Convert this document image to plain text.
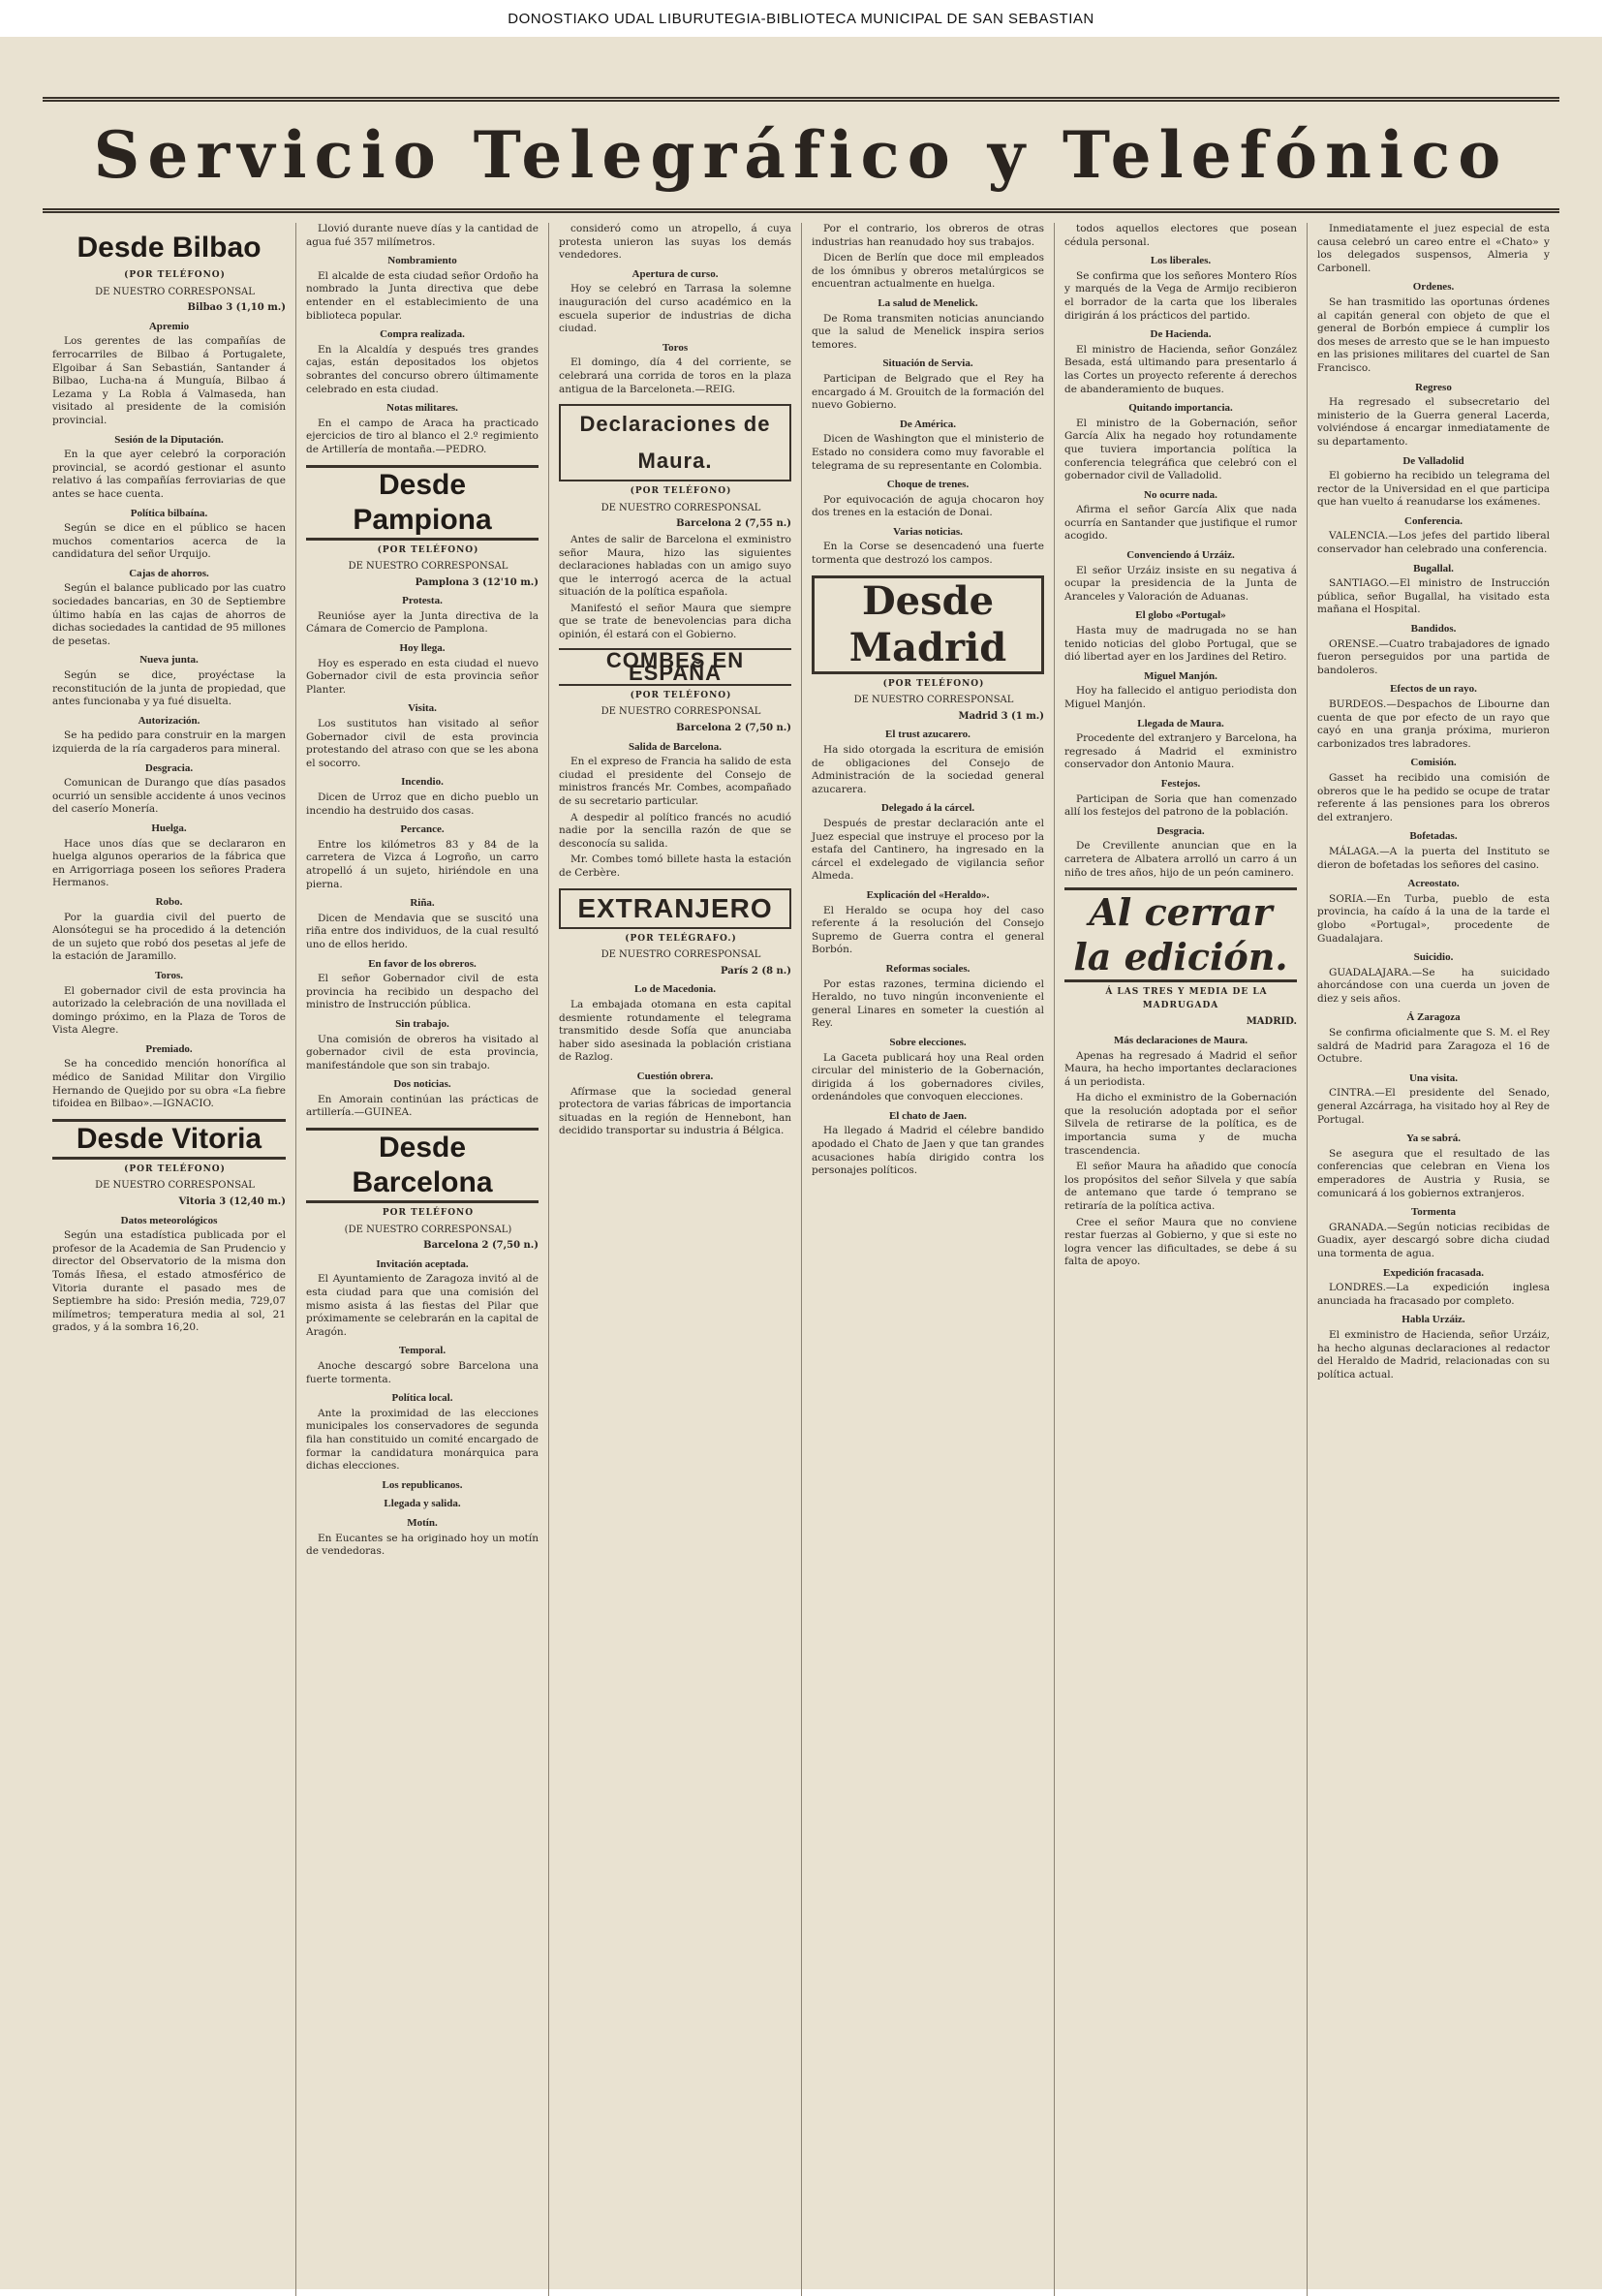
DONOSTIAKO UDAL LIBURUTEGIA-BIBLIOTECA MUNICIPAL DE SAN SEBASTIAN
Servicio Telegráfico y Telefónico
Desde Bilbao

(POR TELÉFONO)

DE NUESTRO CORRESPONSAL

Bilbao 3 (1,10 m.)

Apremio

Los gerentes de las compañías de ferrocarriles de Bilbao á Portugalete, Elgoibar á San Sebastián, Santander á Bilbao, Lucha-na á Munguía, Bilbao á Lezama y La Robla á Valmaseda, han visitado al presidente de la comisión provincial.

Sesión de la Diputación.

En la que ayer celebró la corporación provincial, se acordó gestionar el asunto relativo á las compañías ferroviarias de que antes se hace cuenta.

Política bilbaína.

Según se dice en el público se hacen muchos comentarios acerca de la candidatura del señor Urquijo.

Cajas de ahorros.

Según el balance publicado por las cuatro sociedades bancarias, en 30 de Septiembre último había en las cajas de ahorros de dichas sociedades la cantidad de 95 millones de pesetas.

Nueva junta.

Según se dice, proyéctase la reconstitución de la junta de propiedad, que antes funcionaba y ya fué disuelta.

Autorización.

Se ha pedido para construir en la margen izquierda de la ría cargaderos para mineral.

Desgracia.

Comunican de Durango que días pasados ocurrió un sensible accidente á unos vecinos del caserío Monería.

Huelga.

Hace unos días que se declararon en huelga algunos operarios de la fábrica que en Arrigorriaga poseen los señores Pradera Hermanos.

Robo.

Por la guardia civil del puerto de Alonsótegui se ha procedido á la detención de un sujeto que robó dos pesetas al jefe de la estación de Jaramillo.

Toros.

El gobernador civil de esta provincia ha autorizado la celebración de una novillada el domingo próximo, en la Plaza de Toros de Vista Alegre.

Premiado.

Se ha concedido mención honorífica al médico de Sanidad Militar don Virgilio Hernando de Quejido por su obra «La fiebre tifoidea en Bilbao».—IGNACIO.

Desde Vitoria

(POR TELÉFONO)

DE NUESTRO CORRESPONSAL

Vitoria 3 (12,40 m.)

Datos meteorológicos

Según una estadística publicada por el profesor de la Academia de San Prudencio y director del Observatorio de la misma don Tomás Iñesa, el estado atmosférico de Vitoria durante el pasado mes de Septiembre ha sido: Presión media, 729,07 milímetros; temperatura media al sol, 21 grados, y á la sombra 16,20.

Llovió durante nueve días y la cantidad de agua fué 357 milímetros.

Nombramiento

El alcalde de esta ciudad señor Ordoño ha nombrado la Junta directiva que debe entender en el establecimiento de una biblioteca popular.

Compra realizada.

En la Alcaldía y después tres grandes cajas, están depositados los objetos sobrantes del concurso obrero últimamente celebrado en esta ciudad.

Notas militares.

En el campo de Araca ha practicado ejercicios de tiro al blanco el 2.º regimiento de Artillería de montaña.—PEDRO.

Desde Pampiona

(POR TELÉFONO)

DE NUESTRO CORRESPONSAL

Pamplona 3 (12'10 m.)

Protesta.

Reunióse ayer la Junta directiva de la Cámara de Comercio de Pamplona.

Hoy llega.

Hoy es esperado en esta ciudad el nuevo Gobernador civil de esta provincia señor Planter.

Visita.

Los sustitutos han visitado al señor Gobernador civil de esta provincia protestando del atraso con que se les abona el socorro.

Incendio.

Dicen de Urroz que en dicho pueblo un incendio ha destruido dos casas.

Percance.

Entre los kilómetros 83 y 84 de la carretera de Vizca á Logroño, un carro atropelló á un sujeto, hiriéndole en una pierna.

Riña.

Dicen de Mendavia que se suscitó una riña entre dos individuos, de la cual resultó uno de ellos herido.

En favor de los obreros.

El señor Gobernador civil de esta provincia ha recibido un despacho del ministro de Instrucción pública.

Sin trabajo.

Una comisión de obreros ha visitado al gobernador civil de esta provincia, manifestándole que son sin trabajo.

Dos noticias.

En Amorain continúan las prácticas de artillería.—GUINEA.

Desde Barcelona

POR TELÉFONO

(DE NUESTRO CORRESPONSAL)

Barcelona 2 (7,50 n.)

Invitación aceptada.

El Ayuntamiento de Zaragoza invitó al de esta ciudad para que una comisión del mismo asista á las fiestas del Pilar que próximamente se celebrarán en la capital de Aragón.

Temporal.

Anoche descargó sobre Barcelona una fuerte tormenta.

Política local.

Ante la proximidad de las elecciones municipales los conservadores de segunda fila han constituido un comité encargado de formar la candidatura monárquica para dichas elecciones.

Los republicanos.
Llegada y salida.
Motín.

En Eucantes se ha originado hoy un motín de vendedoras.

consideró como un atropello, á cuya protesta unieron las suyas los demás vendedores.

Apertura de curso.

Hoy se celebró en Tarrasa la solemne inauguración del curso académico en la escuela superior de industrias de dicha ciudad.

Toros

El domingo, día 4 del corriente, se celebrará una corrida de toros en la plaza antigua de la Barceloneta.—REIG.

Declaraciones de Maura.

(POR TELÉFONO)

DE NUESTRO CORRESPONSAL

Barcelona 2 (7,55 n.)

Antes de salir de Barcelona el exministro señor Maura, hizo las siguientes declaraciones habladas con un amigo suyo que le interrogó acerca de la actual situación de la política española.

Manifestó el señor Maura que siempre que se trate de benevolencias para dicha opinión, él estará con el Gobierno.

COMBES EN ESPAÑA

(POR TELÉFONO)

DE NUESTRO CORRESPONSAL

Barcelona 2 (7,50 n.)

Salida de Barcelona.

En el expreso de Francia ha salido de esta ciudad el presidente del Consejo de ministros francés Mr. Combes, acompañado de su secretario particular.

A despedir al político francés no acudió nadie por la sencilla razón de que se desconocía su salida.

Mr. Combes tomó billete hasta la estación de Cerbère.

EXTRANJERO

(POR TELÉGRAFO.)

DE NUESTRO CORRESPONSAL

París 2 (8 n.)

Lo de Macedonia.

La embajada otomana en esta capital desmiente rotundamente el telegrama transmitido desde Sofía que anunciaba haber sido asesinada la población cristiana de Razlog.

Cuestión obrera.

Afírmase que la sociedad general protectora de varias fábricas de importancia situadas en la región de Hennebont, han decidido transportar su industria á Bélgica.

Por el contrario, los obreros de otras industrias han reanudado hoy sus trabajos.

Dicen de Berlín que doce mil empleados de los ómnibus y obreros metalúrgicos se encuentran actualmente en huelga.

La salud de Menelick.

De Roma transmiten noticias anunciando que la salud de Menelick inspira serios temores.

Situación de Servia.

Participan de Belgrado que el Rey ha encargado á M. Grouitch de la formación del nuevo Gobierno.

De América.

Dicen de Washington que el ministerio de Estado no considera como muy favorable el telegrama de su representante en Colombia.

Choque de trenes.

Por equivocación de aguja chocaron hoy dos trenes en la estación de Donai.

Varias noticias.

En la Corse se desencadenó una fuerte tormenta que destrozó los campos.

Desde Madrid

(POR TELÉFONO)

DE NUESTRO CORRESPONSAL

Madrid 3 (1 m.)

El trust azucarero.

Ha sido otorgada la escritura de emisión de obligaciones del Consejo de Administración de la sociedad general azucarera.

Delegado á la cárcel.

Después de prestar declaración ante el Juez especial que instruye el proceso por la estafa del Cantinero, ha ingresado en la cárcel el exdelegado de vigilancia señor Almeda.

Explicación del «Heraldo».

El Heraldo se ocupa hoy del caso referente á la resolución del Consejo Supremo de Guerra contra el general Borbón.

Reformas sociales.

Por estas razones, termina diciendo el Heraldo, no tuvo ningún inconveniente el general Linares en someter la cuestión al Rey.

Sobre elecciones.

La Gaceta publicará hoy una Real orden circular del ministerio de la Gobernación, dirigida á los gobernadores civiles, ordenándoles que convoquen elecciones.

El chato de Jaen.

Ha llegado á Madrid el célebre bandido apodado el Chato de Jaen y que tan grandes acusaciones había dirigido contra los personajes políticos.

todos aquellos electores que posean cédula personal.

Los liberales.

Se confirma que los señores Montero Ríos y marqués de la Vega de Armijo recibieron el borrador de la carta que los liberales dirigirán á los prácticos del partido.

De Hacienda.

El ministro de Hacienda, señor González Besada, está ultimando para presentarlo á las Cortes un proyecto referente á derechos de abanderamiento de buques.

Quitando importancia.

El ministro de la Gobernación, señor García Alix ha negado hoy rotundamente que tuviera importancia política la conferencia telegráfica que celebró con el gobernador civil de Valladolid.

No ocurre nada.

Afirma el señor García Alix que nada ocurría en Santander que justifique el rumor acogido.

Convenciendo á Urzáiz.

El señor Urzáiz insiste en su negativa á ocupar la presidencia de la Junta de Aranceles y Valoración de Aduanas.

El globo «Portugal»

Hasta muy de madrugada no se han tenido noticias del globo Portugal, que se dió libertad ayer en los Jardines del Retiro.

Miguel Manjón.

Hoy ha fallecido el antiguo periodista don Miguel Manjón.

Llegada de Maura.

Procedente del extranjero y Barcelona, ha regresado á Madrid el exministro conservador don Antonio Maura.

Festejos.

Participan de Soria que han comenzado allí los festejos del patrono de la población.

Desgracia.

De Crevillente anuncian que en la carretera de Albatera arrolló un carro á un niño de tres años, hijo de un peón caminero.

Al cerrar la edición.

Á LAS TRES Y MEDIA DE LA MADRUGADA

MADRID.

Más declaraciones de Maura.

Apenas ha regresado á Madrid el señor Maura, ha hecho importantes declaraciones á un periodista.

Ha dicho el exministro de la Gobernación que la resolución adoptada por el señor Silvela de retirarse de la política, es de importancia suma y de mucha trascendencia.

El señor Maura ha añadido que conocía los propósitos del señor Silvela y que sabía de antemano que tarde ó temprano se retiraría de la política activa.

Cree el señor Maura que no conviene restar fuerzas al Gobierno, y que si este no logra vencer las dificultades, se debe á su falta de apoyo.

Inmediatamente el juez especial de esta causa celebró un careo entre el «Chato» y los delegados suspensos, Almeria y Carbonell.

Ordenes.

Se han trasmitido las oportunas órdenes al capitán general con objeto de que el general de Borbón empiece á cumplir los dos meses de arresto que se le han impuesto en las prisiones militares del cuartel de San Francisco.

Regreso

Ha regresado el subsecretario del ministerio de la Guerra general Lacerda, volviéndose á encargar inmediatamente de su departamento.

De Valladolid

El gobierno ha recibido un telegrama del rector de la Universidad en el que participa que han vuelto á reanudarse los exámenes.

Conferencia.

VALENCIA.—Los jefes del partido liberal conservador han celebrado una conferencia.

Bugallal.

SANTIAGO.—El ministro de Instrucción pública, señor Bugallal, ha visitado esta mañana el Hospital.

Bandidos.

ORENSE.—Cuatro trabajadores de ignado fueron perseguidos por una partida de bandoleros.

Efectos de un rayo.

BURDEOS.—Despachos de Libourne dan cuenta de que por efecto de un rayo que cayó en una granja próxima, murieron carbonizados tres labradores.

Comisión.

Gasset ha recibido una comisión de obreros que le ha pedido se ocupe de tratar referente á las pensiones para los obreros del extranjero.

Bofetadas.

MÁLAGA.—A la puerta del Instituto se dieron de bofetadas los señores del casino.

Acreostato.

SORIA.—En Turba, pueblo de esta provincia, ha caído á la una de la tarde el globo «Portugal», procedente de Guadalajara.

Suicidio.

GUADALAJARA.—Se ha suicidado ahorcándose con una cuerda un joven de diez y seis años.

Á Zaragoza

Se confirma oficialmente que S. M. el Rey saldrá de Madrid para Zaragoza el 16 de Octubre.

Una visita.

CINTRA.—El presidente del Senado, general Azcárraga, ha visitado hoy al Rey de Portugal.

Ya se sabrá.

Se asegura que el resultado de las conferencias que celebran en Viena los emperadores de Austria y Rusia, se comunicará á los gobiernos extranjeros.

Tormenta

GRANADA.—Según noticias recibidas de Guadix, ayer descargó sobre dicha ciudad una tormenta de agua.

Expedición fracasada.

LONDRES.—La expedición inglesa anunciada ha fracasado por completo.

Habla Urzáiz.

El exministro de Hacienda, señor Urzáiz, ha hecho algunas declaraciones al redactor del Heraldo de Madrid, relacionadas con su política actual.
